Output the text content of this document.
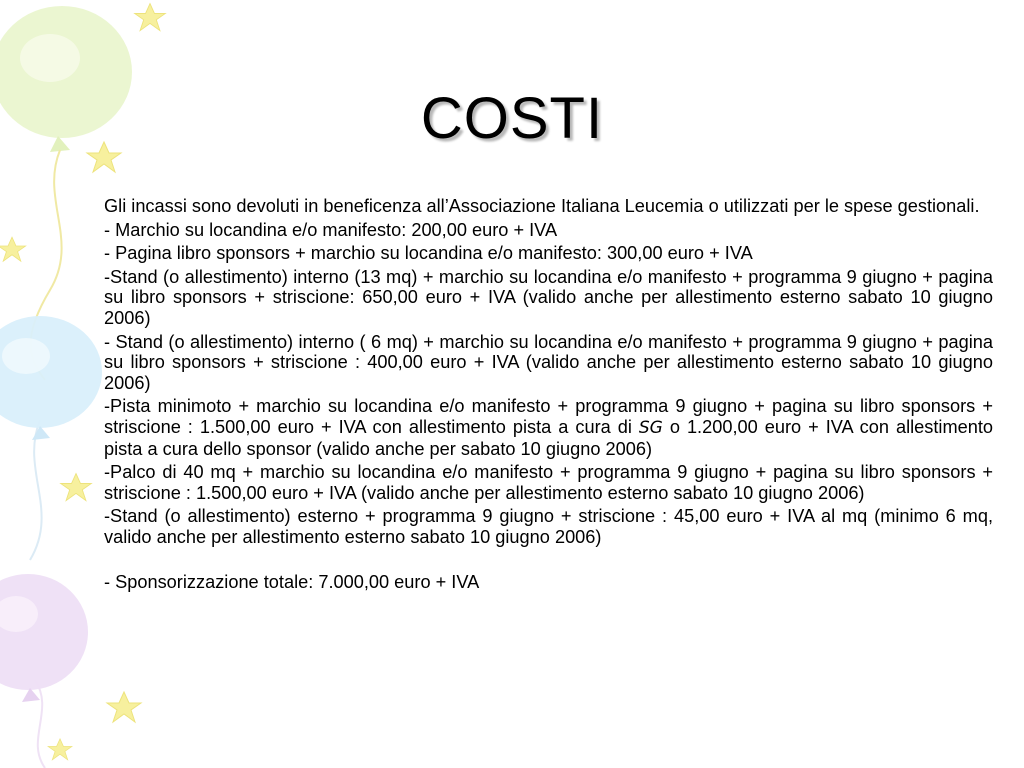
COSTI

Gli incassi sono devoluti in beneficenza all’Associazione Italiana Leucemia o utilizzati per le spese gestionali.

- Marchio su locandina e/o manifesto: 200,00 euro + IVA

- Pagina libro sponsors + marchio su locandina e/o manifesto: 300,00 euro + IVA

-Stand (o allestimento) interno (13 mq) + marchio su locandina e/o manifesto + programma 9 giugno + pagina su libro sponsors + striscione: 650,00 euro + IVA (valido anche per allestimento esterno sabato 10 giugno 2006)

- Stand (o allestimento) interno ( 6 mq) + marchio su locandina e/o manifesto + programma 9 giugno + pagina su libro sponsors + striscione : 400,00 euro + IVA (valido anche per allestimento esterno sabato 10 giugno 2006)

-Pista minimoto + marchio su locandina e/o manifesto + programma 9 giugno + pagina su libro sponsors + striscione : 1.500,00 euro + IVA con allestimento pista a cura di SG o 1.200,00 euro + IVA con allestimento pista a cura dello sponsor (valido anche per sabato 10 giugno 2006)

-Palco di 40 mq + marchio su locandina e/o manifesto + programma 9 giugno + pagina su libro sponsors + striscione : 1.500,00 euro + IVA (valido anche per allestimento esterno sabato 10 giugno 2006)

-Stand (o allestimento) esterno + programma 9 giugno + striscione : 45,00 euro + IVA al mq (minimo 6 mq, valido anche per allestimento esterno sabato 10 giugno 2006)

- Sponsorizzazione totale: 7.000,00 euro + IVA
